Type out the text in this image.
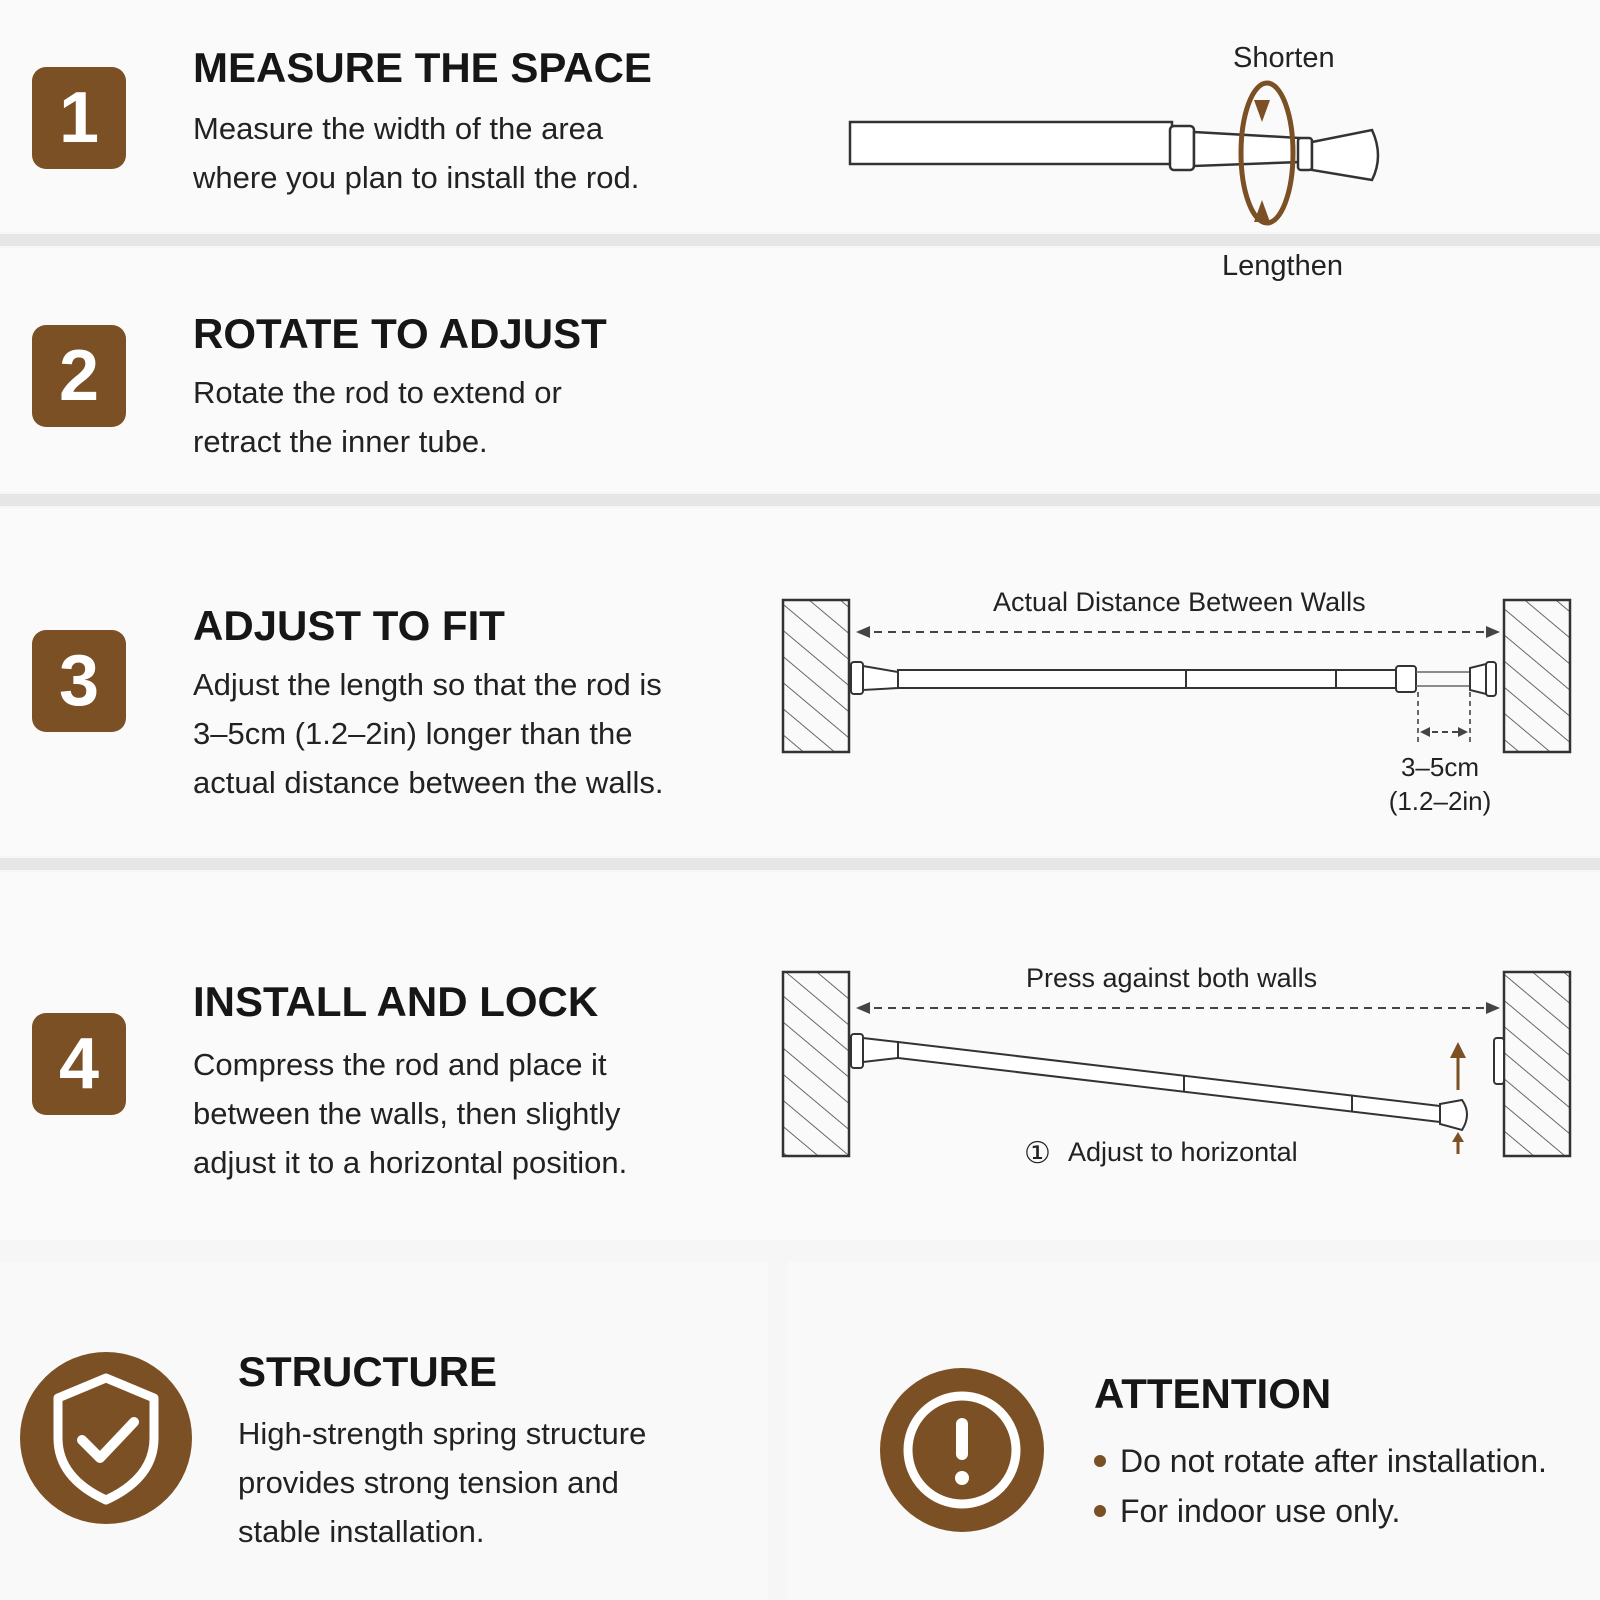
1
MEASURE THE SPACE
Measure the width of the area
where you plan to install the rod.
2
ROTATE TO ADJUST
Rotate the rod to extend or
retract the inner tube.
3
ADJUST TO FIT
Adjust the length so that the rod is
3–5cm (1.2–2in) longer than the
actual distance between the walls.
4
INSTALL AND LOCK
Compress the rod and place it
between the walls, then slightly
adjust it to a horizontal position.
Shorten
Lengthen
Actual Distance Between Walls
3–5cm
(1.2–2in)
Press against both walls
① Adjust to horizontal
STRUCTURE
High-strength spring structure
provides strong tension and
stable installation.
ATTENTION
Do not rotate after installation.
For indoor use only.
